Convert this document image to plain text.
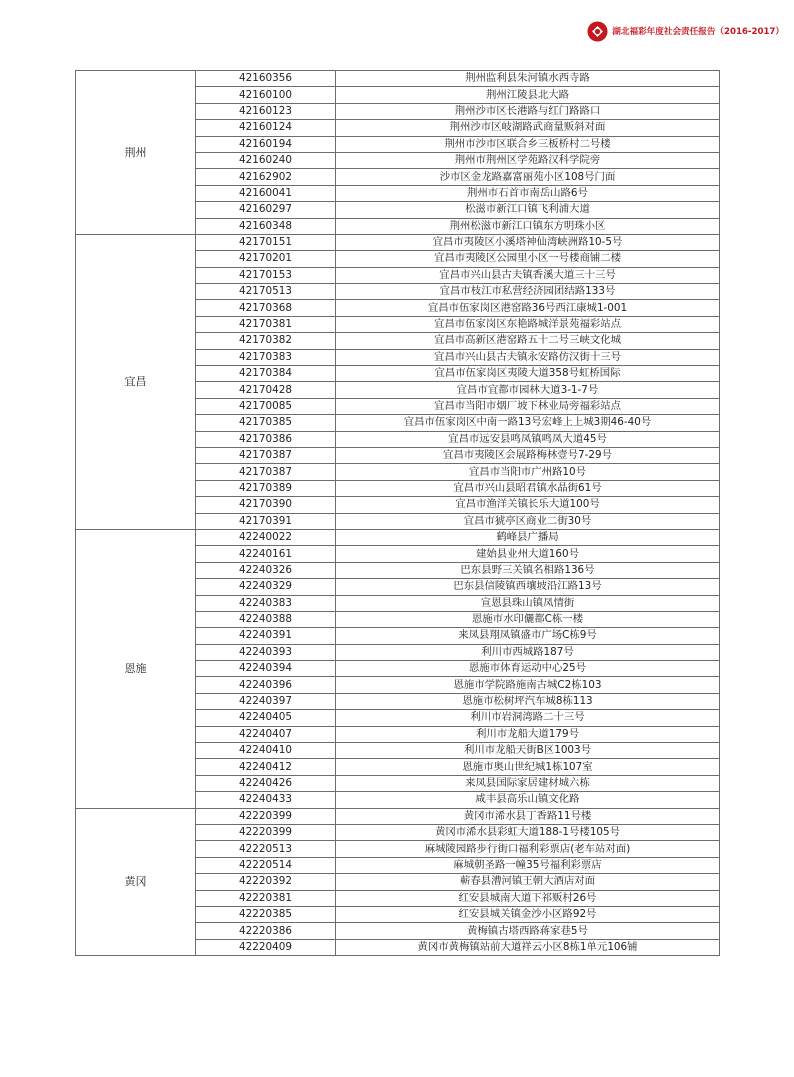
湖北福彩年度社会责任报告（2016-2017）
荆州	42160356	荆州监利县朱河镇水西寺路
	42160100	荆州江陵县北大路
	42160123	荆州沙市区长港路与红门路路口
	42160124	荆州沙市区岐湖路武商量贩斜对面
	42160194	荆州市沙市区联合乡三板桥村二号楼
	42160240	荆州市荆州区学苑路汉科学院旁
	42162902	沙市区金龙路嘉富丽苑小区108号门面
	42160041	荆州市石首市南岳山路6号
	42160297	松滋市新江口镇飞利浦大道
	42160348	荆州松滋市新江口镇东方明珠小区
宜昌	42170151	宜昌市夷陵区小溪塔神仙湾峡洲路10-5号
	42170201	宜昌市夷陵区公园里小区一号楼商铺二楼
	42170153	宜昌市兴山县古夫镇香溪大道三十三号
	42170513	宜昌市枝江市私营经济园团结路133号
	42170368	宜昌市伍家岗区港窑路36号西江康城1-001
	42170381	宜昌市伍家岗区东艳路城洋景苑福彩站点
	42170382	宜昌市高新区港窑路五十二号三峡文化城
	42170383	宜昌市兴山县古夫镇永安路仿汉街十三号
	42170384	宜昌市伍家岗区夷陵大道358号虹桥国际
	42170428	宜昌市宜都市园林大道3-1-7号
	42170085	宜昌市当阳市烟厂坡下林业局旁福彩站点
	42170385	宜昌市伍家岗区中南一路13号宏峰上上城3期46-40号
	42170386	宜昌市远安县鸣凤镇鸣凤大道45号
	42170387	宜昌市夷陵区会展路梅林壹号7-29号
	42170387	宜昌市当阳市广州路10号
	42170389	宜昌市兴山县昭君镇水晶街61号
	42170390	宜昌市渔洋关镇长乐大道100号
	42170391	宜昌市猇亭区商业二街30号
恩施	42240022	鹤峰县广播局
	42240161	建始县业州大道160号
	42240326	巴东县野三关镇名相路136号
	42240329	巴东县信陵镇西壤坡沿江路13号
	42240383	宣恩县珠山镇凤情街
	42240388	恩施市水印儷都C栋一楼
	42240391	来凤县翔凤镇盛市广场C栋9号
	42240393	利川市西城路187号
	42240394	恩施市体育运动中心25号
	42240396	恩施市学院路施南古城C2栋103
	42240397	恩施市松树坪汽车城8栋113
	42240405	利川市岩洞湾路二十三号
	42240407	利川市龙船大道179号
	42240410	利川市龙船天街B区1003号
	42240412	恩施市奥山世纪城1栋107室
	42240426	来凤县国际家居建材城六栋
	42240433	咸丰县高乐山镇文化路
黄冈	42220399	黄冈市浠水县丁香路11号楼
	42220399	黄冈市浠水县彩虹大道188-1号楼105号
	42220513	麻城陵园路步行街口福利彩票店(老车站对面)
	42220514	麻城朝圣路一幢35号福利彩票店
	42220392	蕲春县漕河镇王朝大酒店对面
	42220381	红安县城南大道下祁贩村26号
	42220385	红安县城关镇金沙小区路92号
	42220386	黄梅镇古塔西路蒋家巷5号
	42220409	黄冈市黄梅镇站前大道祥云小区8栋1单元106铺
